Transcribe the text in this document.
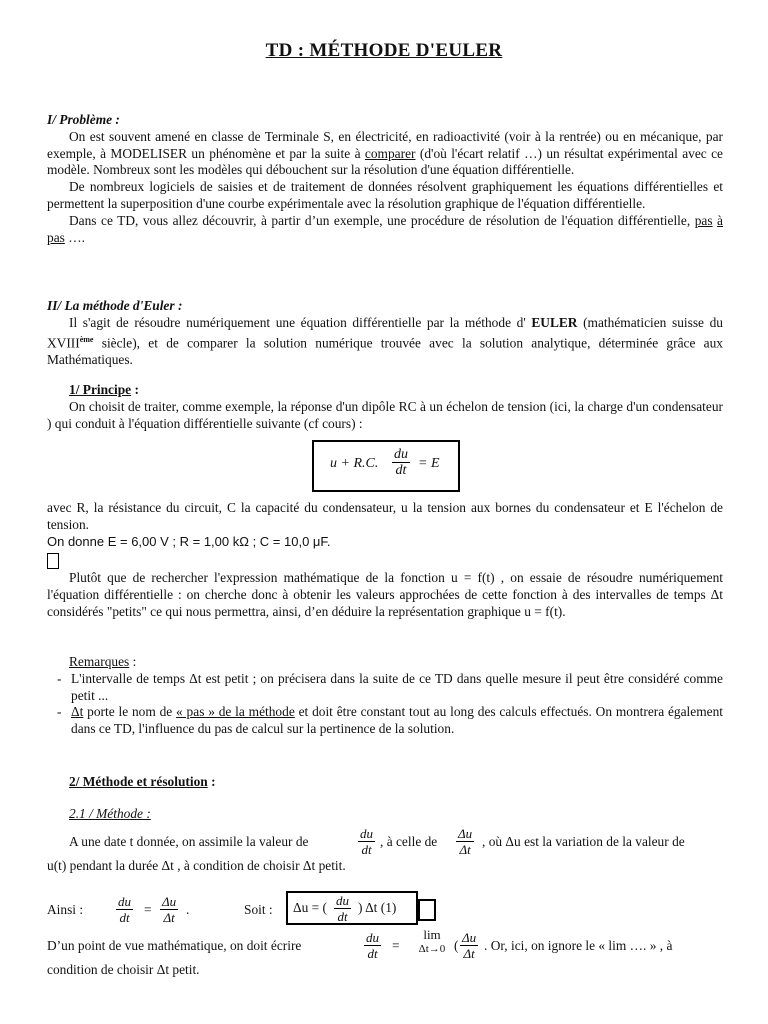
TD : MÉTHODE D'EULER
I/ Problème :
On est souvent amené en classe de Terminale S, en électricité, en radioactivité (voir à la rentrée) ou en mécanique, par exemple, à MODELISER un phénomène et par la suite à comparer (d'où l'écart relatif …) un résultat expérimental avec ce modèle. Nombreux sont les modèles qui débouchent sur la résolution d'une équation différentielle.
De nombreux logiciels de saisies et de traitement de données résolvent graphiquement les équations différentielles et permettent la superposition d'une courbe expérimentale avec la résolution graphique de l'équation différentielle.
Dans ce TD, vous allez découvrir, à partir d’un exemple, une procédure de résolution de l'équation différentielle, pas à pas ….
II/ La méthode d'Euler :
Il s'agit de résoudre numériquement une équation différentielle par la méthode d' EULER (mathématicien suisse du XVIIIème siècle), et de comparer la solution numérique trouvée avec la solution analytique, déterminée grâce aux Mathématiques.
1/ Principe :
On choisit de traiter, comme exemple, la réponse d'un dipôle RC à un échelon de tension (ici, la charge d'un condensateur ) qui conduit à l'équation différentielle suivante (cf cours) :
u + R.C. $\frac{du}{dt} = E$
avec R, la résistance du circuit, C la capacité du condensateur, u la tension aux bornes du condensateur et E l'échelon de tension.
On donne E = 6,00 V ; R = 1,00 kΩ ; C = 10,0 μF.
Plutôt que de rechercher l'expression mathématique de la fonction u = f(t) , on essaie de résoudre numériquement l'équation différentielle : on cherche donc à obtenir les valeurs approchées de cette fonction à des intervalles de temps Δt considérés "petits" ce qui nous permettra, ainsi, d’en déduire la représentation graphique u = f(t).
Remarques :
- L'intervalle de temps Δt est petit ; on précisera dans la suite de ce TD dans quelle mesure il peut être considéré comme petit ...
- Δt porte le nom de « pas » de la méthode et doit être constant tout au long des calculs effectués. On montrera également dans ce TD, l'influence du pas de calcul sur la pertinence de la solution.
2/ Méthode et résolution :
2.1 / Méthode :
A une date t donnée, on assimile la valeur de	$\frac{du}{dt}$ , à celle de $\frac{\Delta u}{\Delta t}$ , où Δu est la variation de la valeur de
u(t) pendant la durée Δt , à condition de choisir Δt petit.
Ainsi :	$\frac{du}{dt} = \frac{\Delta u}{\Delta t}$ .	Soit : Δu = ( $\frac{du}{dt}$ ) Δt (1)
D’un point de vue mathématique, on doit écrire	$\frac{du}{dt}$ =
lim
Δt→0 ( $\frac{\Delta u}{\Delta t}$ . Or, ici, on ignore le « lim …. » , à
condition de choisir Δt petit.
